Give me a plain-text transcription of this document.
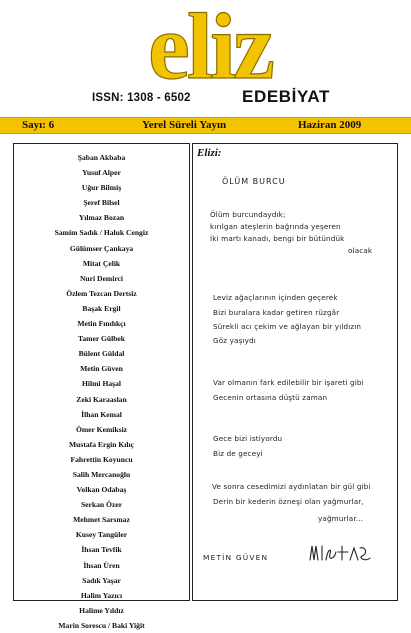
eliz
ISSN: 1308 - 6502	EDEBİYAT
Sayı: 6	Yerel Süreli Yayın	Haziran 2009
Şaban Akbaba
Yusuf Alper
Uğur Bilmiş
Şeref Bilsel
Yılmaz Bozan
Samim Sadık / Haluk Cengiz
Gülümser Çankaya
Mitat Çelik
Nuri Demirci
Özlem Tezcan Dertsiz
Başak Ergil
Metin Fındıkçı
Tamer Gülbek
Bülent Güldal
Metin Güven
Hilmi Haşal
Zeki Karaaslan
İlhan Kemal
Ömer Kemiksiz
Mustafa Ergin Kılıç
Fahrettin Koyuncu
Salih Mercanoğlu
Volkan Odabaş
Serkan Özer
Mehmet Sarsmaz
Kusey Tangüler
İhsan Tevfik
İhsan Üren
Sadık Yaşar
Halim Yazıcı
Halime Yıldız
Marin Sorescu / Baki Yiğit
Elizi:
ÖLÜM BURCU
Ölüm burcundaydık;
kırılgan ateşlerin bağrında yeşeren
İki martı kanadı, bengi bir bütündük
olacak
Leviz ağaçlarının içinden geçerek
Bizi buralara kadar getiren rüzgâr
Sürekli acı çekim ve ağlayan bir yıldızın
Göz yaşıydı
Var olmanın fark edilebilir bir işareti gibi
Gecenin ortasına düştü zaman
Gece bizi istiyordu
Biz de geceyi
Ve sonra cesedimizi aydınlatan bir gül gibi
Derin bir kederin özneşi olan yağmurlar,
yağmurlar...
METİN GÜVEN
